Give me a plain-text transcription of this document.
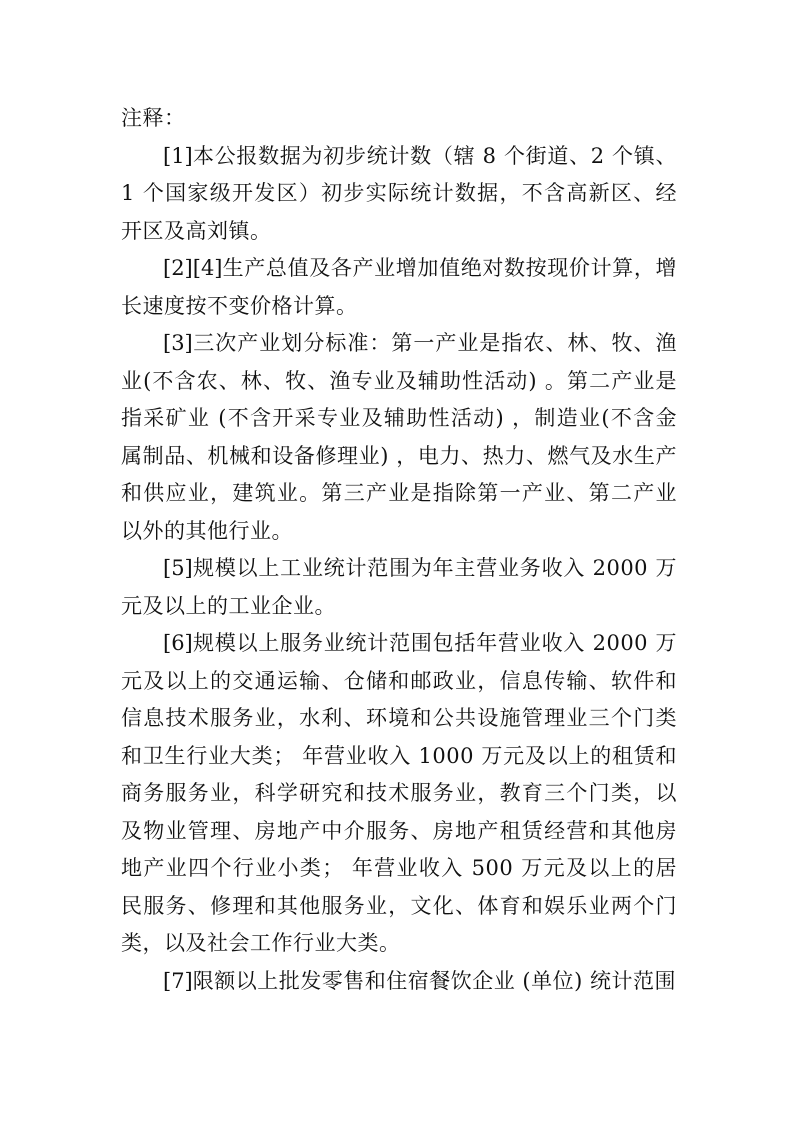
注释：

[1]本公报数据为初步统计数（辖 8 个街道、2 个镇、1 个国家级开发区）初步实际统计数据，不含高新区、经开区及高刘镇。

[2][4]生产总值及各产业增加值绝对数按现价计算，增长速度按不变价格计算。

[3]三次产业划分标准：第一产业是指农、林、牧、渔业(不含农、林、牧、渔专业及辅助性活动) 。第二产业是指采矿业 (不含开采专业及辅助性活动) ，制造业(不含金属制品、机械和设备修理业) ，电力、热力、燃气及水生产和供应业，建筑业。第三产业是指除第一产业、第二产业以外的其他行业。

[5]规模以上工业统计范围为年主营业务收入 2000 万元及以上的工业企业。

[6]规模以上服务业统计范围包括年营业收入 2000 万元及以上的交通运输、仓储和邮政业，信息传输、软件和信息技术服务业，水利、环境和公共设施管理业三个门类和卫生行业大类； 年营业收入 1000 万元及以上的租赁和商务服务业，科学研究和技术服务业，教育三个门类，以及物业管理、房地产中介服务、房地产租赁经营和其他房地产业四个行业小类； 年营业收入 500 万元及以上的居民服务、修理和其他服务业，文化、体育和娱乐业两个门类，以及社会工作行业大类。

[7]限额以上批发零售和住宿餐饮企业 (单位) 统计范围
